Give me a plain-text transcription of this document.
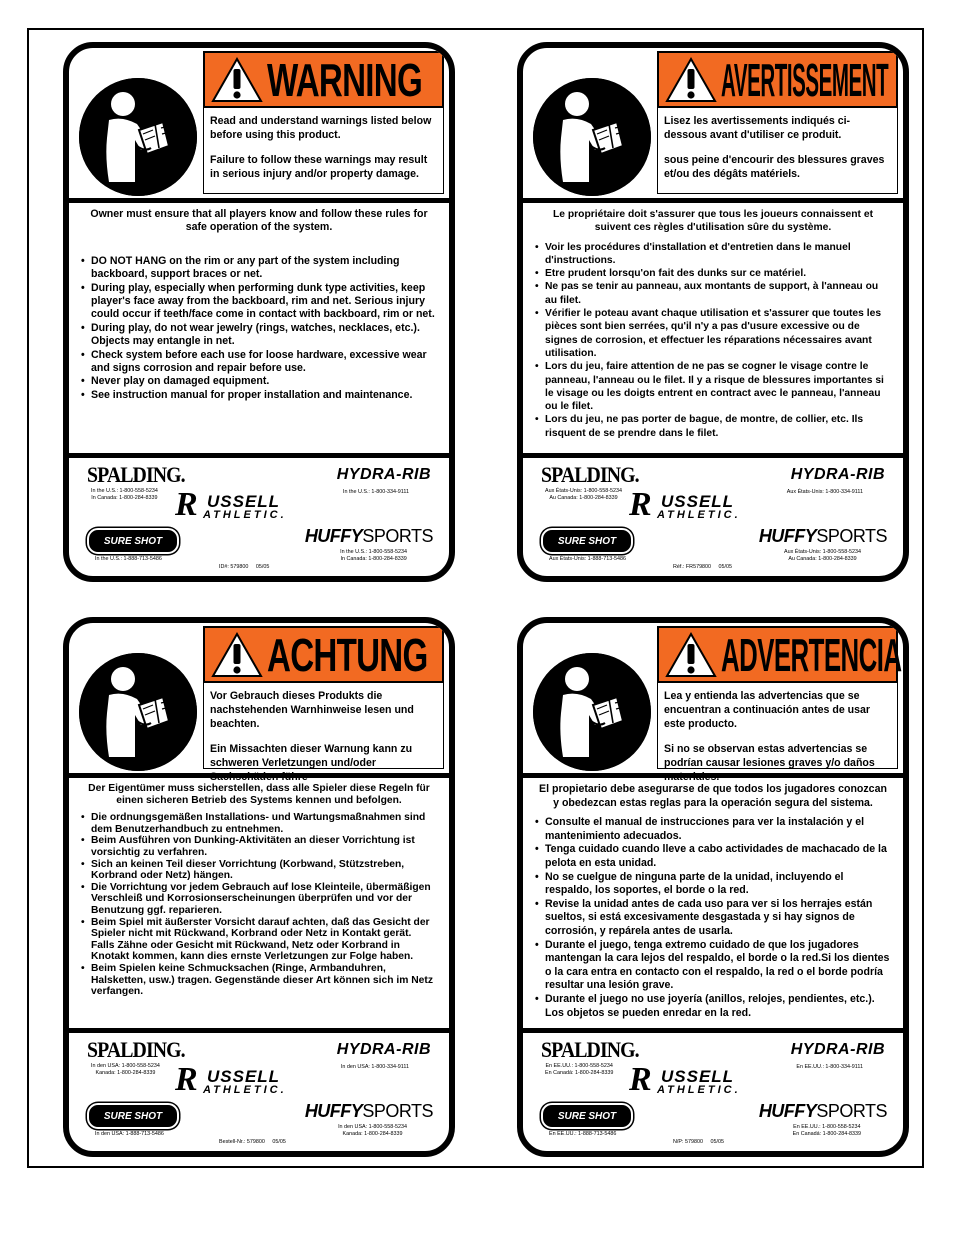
WARNING

Read and understand warnings listed below before using this product.

Failure to follow these warnings may result in serious injury and/or property damage.

Owner must ensure that all players know and follow these rules for safe operation of the system.

• DO NOT HANG on the rim or any part of the system including backboard, support braces or net.
• During play, especially when performing dunk type activities, keep player's face away from the backboard, rim and net. Serious injury could occur if teeth/face come in contact with backboard, rim or net.
• During play, do not wear jewelry (rings, watches, necklaces, etc.). Objects may entangle in net.
• Check system before each use for loose hardware, excessive wear and signs corrosion and repair before use.
• Never play on damaged equipment.
• See instruction manual for proper installation and maintenance.
SPALDING.
In the U.S.: 1-800-558-5234
In Canada: 1-800-284-8339
HYDRA-RIB
In the U.S.: 1-800-334-9111
R USSELL
ATHLETIC.
SURE SHOT
In the U.S.: 1-888-713-5486
HUFFYSPORTS
In the U.S.: 1-800-558-5234
In Canada: 1-800-284-8339
ID#: 579800     05/05
AVERTISSEMENT

Lisez les avertissements indiqués ci-dessous avant d'utiliser ce produit.

sous peine d'encourir des blessures graves et/ou des dégâts matériels.

Le propriétaire doit s'assurer que tous les joueurs connaissent et suivent ces règles d'utilisation sûre du système.

• Voir les procédures d'installation et d'entretien dans le manuel d'instructions.
• Etre prudent lorsqu'on fait des dunks sur ce matériel.
• Ne pas se tenir au panneau, aux montants de support, à l'anneau ou au filet.
• Vérifier le poteau avant chaque utilisation et s'assurer que toutes les pièces sont bien serrées, qu'il n'y a pas d'usure excessive ou de signes de corrosion, et effectuer les réparations nécessaires avant utilisation.
• Lors du jeu, faire attention de ne pas se cogner le visage contre le panneau, l'anneau ou le filet. Il y a risque de blessures importantes si le visage ou les doigts entrent en contract avec le panneau, l'anneau ou le filet.
• Lors du jeu, ne pas porter de bague, de montre, de collier, etc. Ils risquent de se prendre dans le filet.
SPALDING.
Aux États-Unis: 1-800-558-5234
Au Canada: 1-800-284-8339
HYDRA-RIB
Aux États-Unis: 1-800-334-9111
R USSELL
ATHLETIC.
SURE SHOT
Aux États-Unis: 1-888-713-5486
HUFFYSPORTS
Aux États-Unis: 1-800-558-5234
Au Canada: 1-800-284-8339
Réf.: FR579800     05/05
ACHTUNG

Vor Gebrauch dieses Produkts die nachstehenden Warnhinweise lesen und beachten.

Ein Missachten dieser Warnung kann zu schweren Verletzungen und/oder Sachschäden führe

Der Eigentümer muss sicherstellen, dass alle Spieler diese Regeln für einen sicheren Betrieb des Systems kennen und befolgen.

• Die ordnungsgemäßen Installations- und Wartungsmaßnahmen sind dem Benutzerhandbuch zu entnehmen.
• Beim Ausführen von Dunking-Aktivitäten an dieser Vorrichtung ist vorsichtig zu verfahren.
• Sich an keinen Teil dieser Vorrichtung (Korbwand, Stützstreben, Korbrand oder Netz) hängen.
• Die Vorrichtung vor jedem Gebrauch auf lose Kleinteile, übermäßigen Verschleiß und Korrosionserscheinungen überprüfen und vor der Benutzung ggf. reparieren.
• Beim Spiel mit äußerster Vorsicht darauf achten, daß das Gesicht der Spieler nicht mit Rückwand, Korbrand oder Netz in Kontakt gerät. Falls Zähne oder Gesicht mit Rückwand, Netz oder Korbrand in Knotakt kommen, kann dies ernste Verletzungen zur Folge haben.
• Beim Spielen keine Schmucksachen (Ringe, Armbanduhren, Halsketten, usw.) tragen. Gegenstände dieser Art können sich im Netz verfangen.
SPALDING.
In den USA: 1-800-558-5234
Kanada: 1-800-284-8339
HYDRA-RIB
In den USA: 1-800-334-9111
R USSELL
ATHLETIC.
SURE SHOT
In den USA: 1-888-713-5486
HUFFYSPORTS
In den USA: 1-800-558-5234
Kanada: 1-800-284-8339
Bestell-Nr.: 579800     05/05
ADVERTENCIA

Lea y entienda las advertencias que se encuentran a continuación antes de usar este producto.

Si no se observan estas advertencias se podrían causar lesiones graves y/o daños materiales.

El propietario debe asegurarse de que todos los jugadores conozcan y obedezcan estas reglas para la operación segura del sistema.

• Consulte el manual de instrucciones para ver la instalación y el mantenimiento adecuados.
• Tenga cuidado cuando lleve a cabo actividades de machacado de la pelota en esta unidad.
• No se cuelgue de ninguna parte de la unidad, incluyendo el respaldo, los soportes, el borde o la red.
• Revise la unidad antes de cada uso para ver si los herrajes están sueltos, si está excesivamente desgastada y si hay signos de corrosión, y repárela antes de usarla.
• Durante el juego, tenga extremo cuidado de que los jugadores mantengan la cara lejos del respaldo, el borde o la red.Si los dientes o la cara entra en contacto con el respaldo, la red o el borde podría resultar una lesión grave.
• Durante el juego no use joyería (anillos, relojes, pendientes, etc.). Los objetos se pueden enredar en la red.
SPALDING.
En EE.UU.: 1-800-558-5234
En Canadá: 1-800-284-8339
HYDRA-RIB
En EE.UU.: 1-800-334-9111
R USSELL
ATHLETIC.
SURE SHOT
En EE.UU.: 1-888-713-5486
HUFFYSPORTS
En EE.UU.: 1-800-558-5234
En Canadá: 1-800-284-8339
N/P: 579800     05/05
